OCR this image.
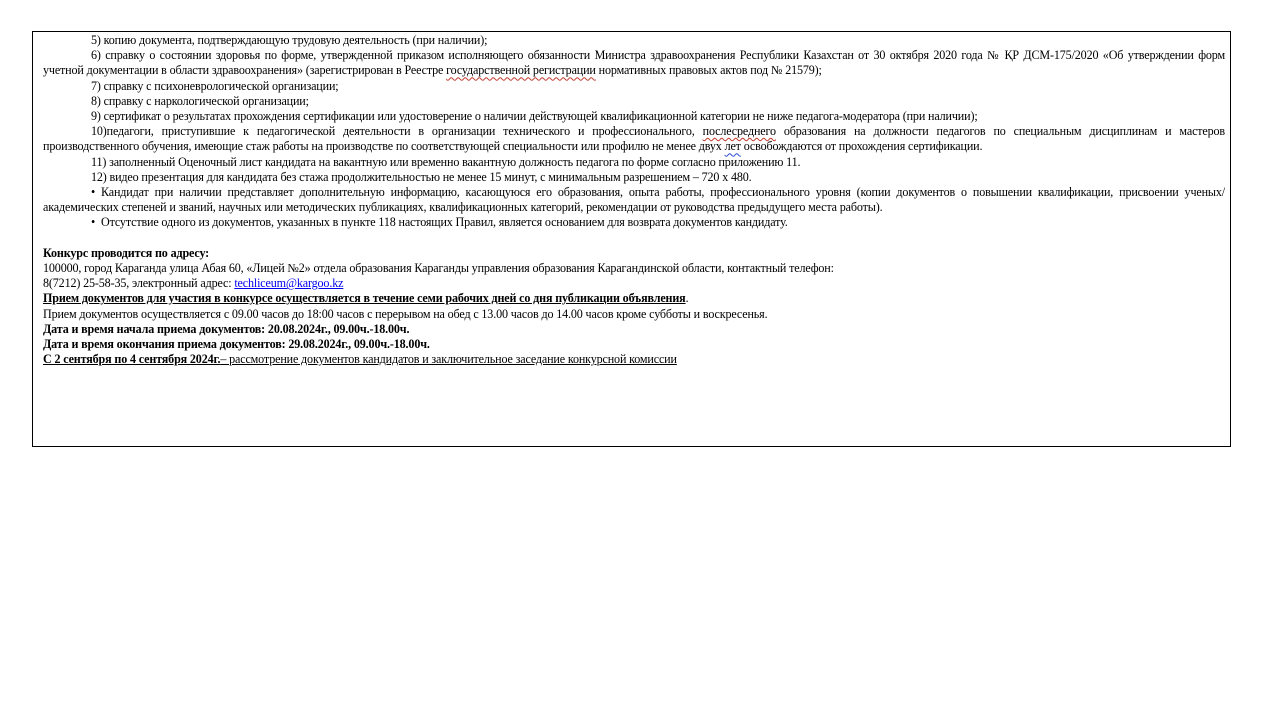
5) копию документа, подтверждающую трудовую деятельность (при наличии);

6) справку о состоянии здоровья по форме, утвержденной приказом исполняющего обязанности Министра здравоохранения Республики Казахстан от 30 октября 2020 года № ҚР ДСМ-175/2020 «Об утверждении форм учетной документации в области здравоохранения» (зарегистрирован в Реестре государственной регистрации нормативных правовых актов под № 21579);

7) справку с психоневрологической организации;

8) справку с наркологической организации;

9) сертификат о результатах прохождения сертификации или удостоверение о наличии действующей квалификационной категории не ниже педагога-модератора (при наличии);

10)педагоги, приступившие к педагогической деятельности в организации технического и профессионального, послесреднего образования на должности педагогов по специальным дисциплинам и мастеров производственного обучения, имеющие стаж работы на производстве по соответствующей специальности или профилю не менее двух лет освобождаются от прохождения сертификации.

11) заполненный Оценочный лист кандидата на вакантную или временно вакантную должность педагога по форме согласно приложению 11.

12) видео презентация для кандидата без стажа продолжительностью не менее 15 минут, с минимальным разрешением – 720 x 480.

• Кандидат при наличии представляет дополнительную информацию, касающуюся его образования, опыта работы, профессионального уровня (копии документов о повышении квалификации, присвоении ученых/академических степеней и званий, научных или методических публикациях, квалификационных категорий, рекомендации от руководства предыдущего места работы).

• Отсутствие одного из документов, указанных в пункте 118 настоящих Правил, является основанием для возврата документов кандидату.

Конкурс проводится по адресу:

100000, город Караганда улица Абая 60, «Лицей №2» отдела образования Караганды управления образования Карагандинской области, контактный телефон:

8(7212) 25-58-35, электронный адрес: techliceum@kargoo.kz

Прием документов для участия в конкурсе осуществляется в течение семи рабочих дней со дня публикации объявления.

Прием документов осуществляется с 09.00 часов до 18:00 часов с перерывом на обед с 13.00 часов до 14.00 часов кроме субботы и воскресенья.

Дата и время начала приема документов: 20.08.2024г., 09.00ч.-18.00ч.

Дата и время окончания приема документов: 29.08.2024г., 09.00ч.-18.00ч.

С 2 сентября по 4 сентября 2024г.– рассмотрение документов кандидатов и заключительное заседание конкурсной комиссии
